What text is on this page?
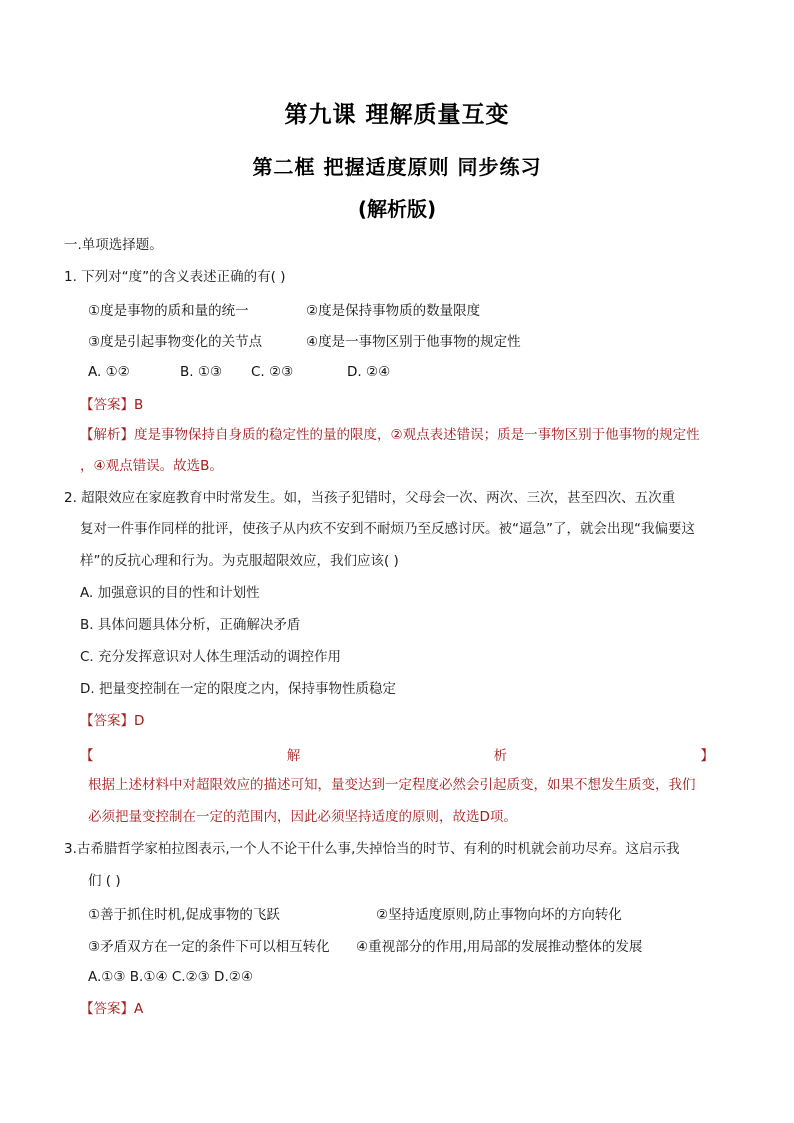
第九课 理解质量互变
第二框 把握适度原则 同步练习
(解析版)
一.单项选择题。
1. 下列对“度”的含义表述正确的有( )
①度是事物的质和量的统一	②度是保持事物质的数量限度
③度是引起事物变化的关节点	④度是一事物区别于他事物的规定性
A. ①②	B. ①③ C. ②③	D. ②④
【答案】B
【解析】度是事物保持自身质的稳定性的量的限度，②观点表述错误；质是一事物区别于他事物的规定性
，④观点错误。故选B。
2. 超限效应在家庭教育中时常发生。如，当孩子犯错时，父母会一次、两次、三次，甚至四次、五次重
复对一件事作同样的批评，使孩子从内疚不安到不耐烦乃至反感讨厌。被“逼急”了，就会出现“我偏要这
样”的反抗心理和行为。为克服超限效应，我们应该( )
A. 加强意识的目的性和计划性
B. 具体问题具体分析，正确解决矛盾
C. 充分发挥意识对人体生理活动的调控作用
D. 把量变控制在一定的限度之内，保持事物性质稳定
【答案】D
【	解	析	】
根据上述材料中对超限效应的描述可知，量变达到一定程度必然会引起质变，如果不想发生质变，我们
必须把量变控制在一定的范围内，因此必须坚持适度的原则，故选D项。
3.古希腊哲学家柏拉图表示,一个人不论干什么事,失掉恰当的时节、有利的时机就会前功尽弃。这启示我
们 ( )
①善于抓住时机,促成事物的飞跃	②坚持适度原则,防止事物向坏的方向转化
③矛盾双方在一定的条件下可以相互转化 ④重视部分的作用,用局部的发展推动整体的发展
A.①③ B.①④ C.②③ D.②④
【答案】A
